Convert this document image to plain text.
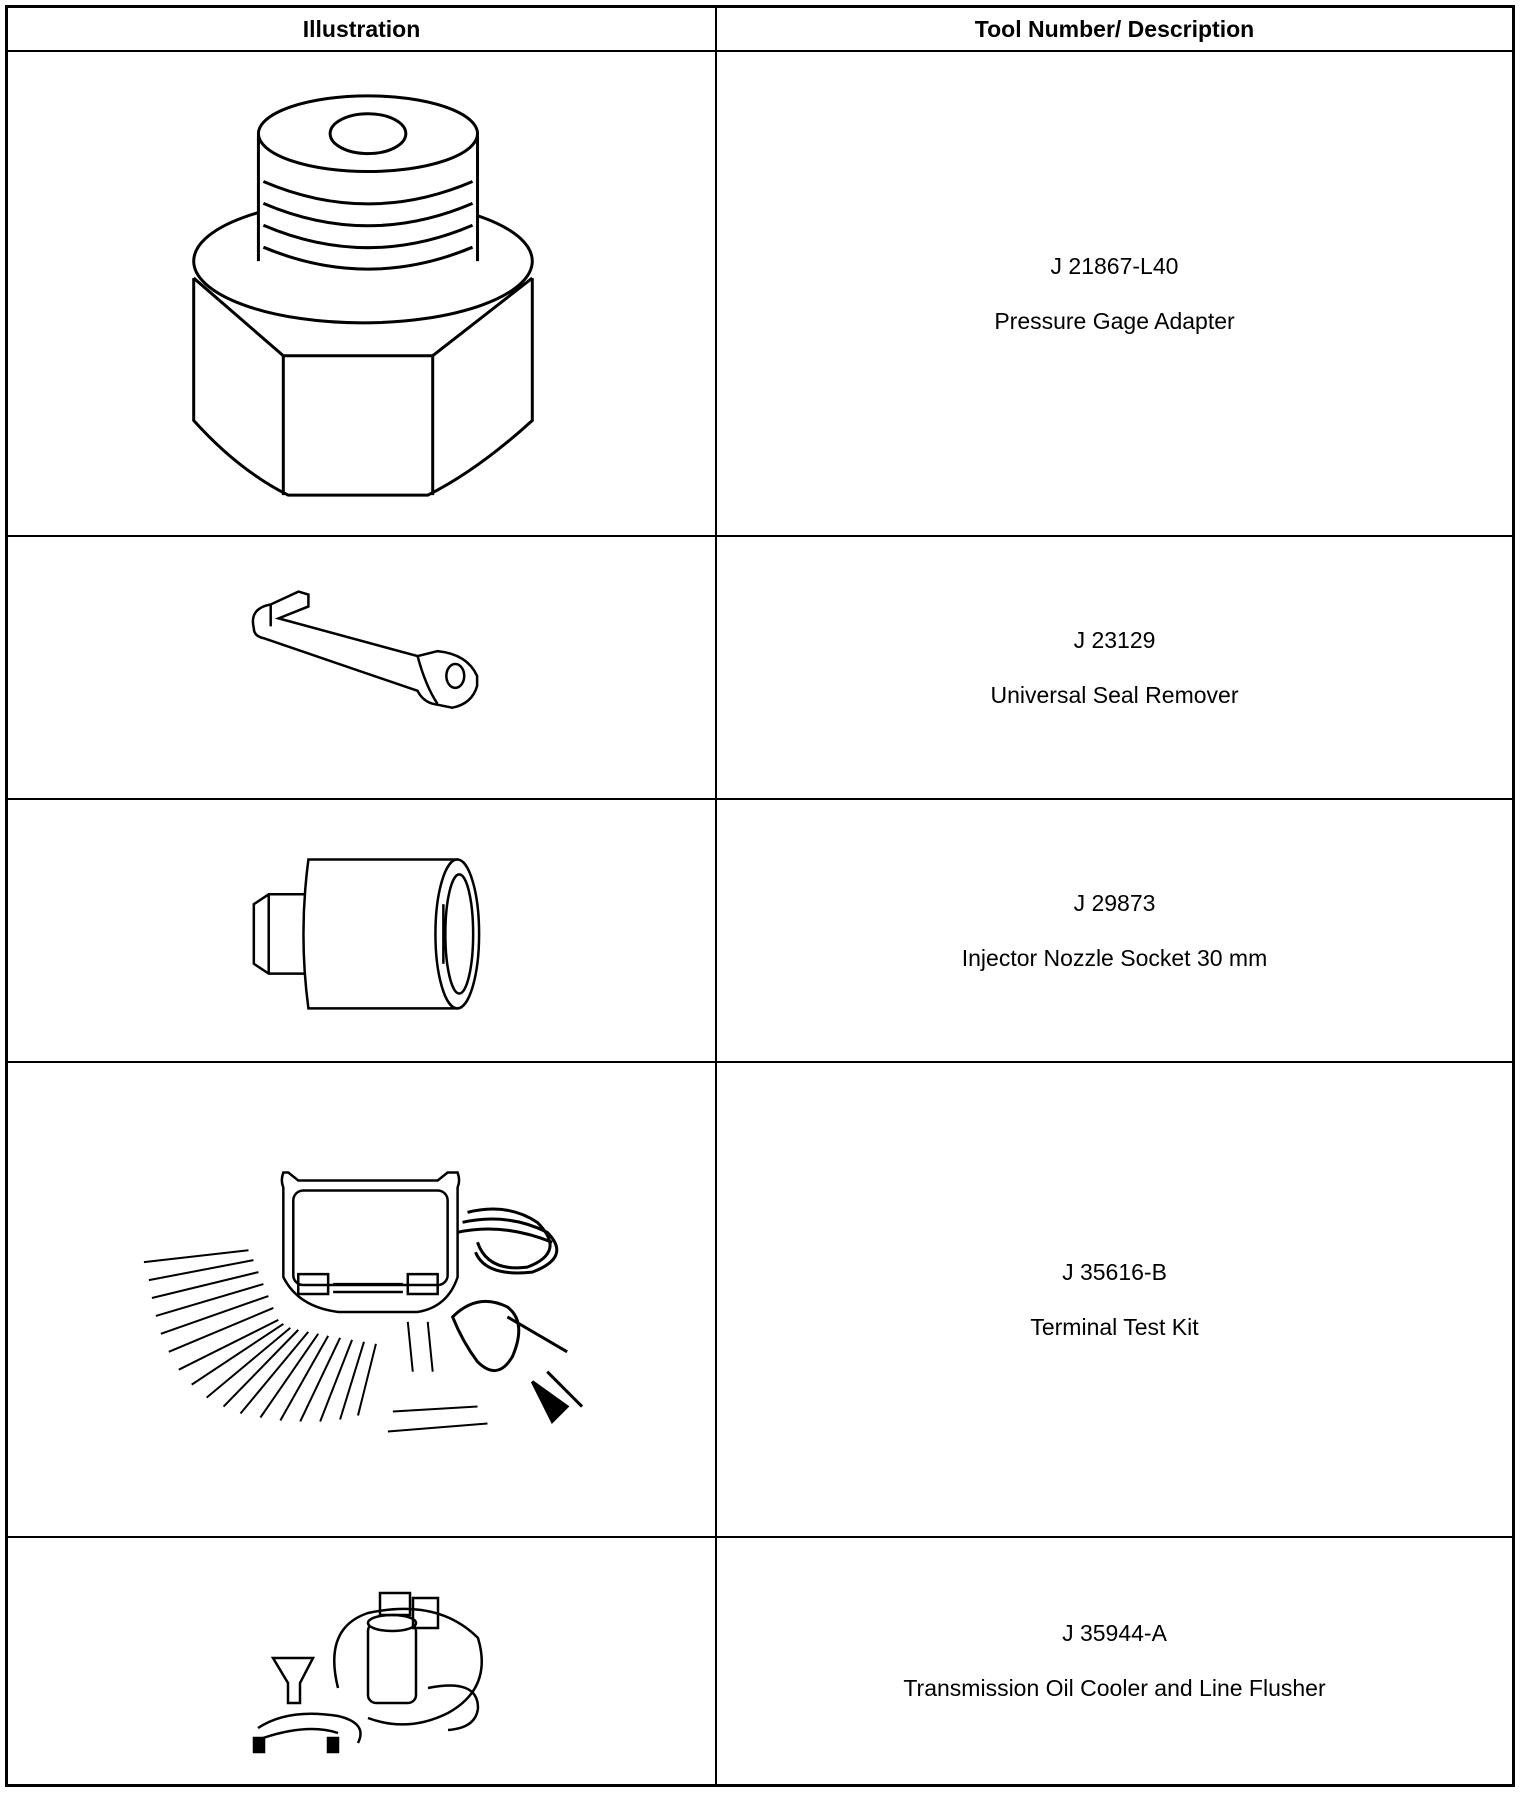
Illustration	Tool Number/ Description
J 21867-L40
Pressure Gage Adapter
J 23129
Universal Seal Remover
J 29873
Injector Nozzle Socket 30 mm
J 35616-B
Terminal Test Kit
J 35944-A
Transmission Oil Cooler and Line Flusher
